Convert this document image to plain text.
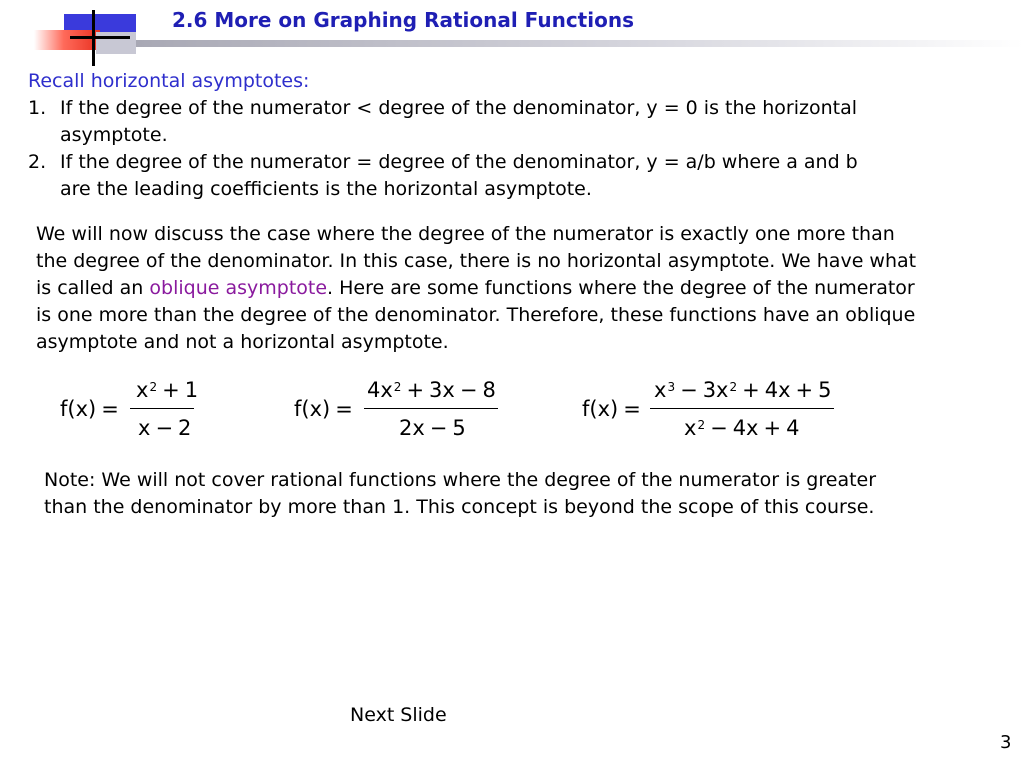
2.6 More on Graphing Rational Functions
Recall horizontal asymptotes:
1. If the degree of the numerator < degree of the denominator, y = 0 is the horizontal
asymptote.
2. If the degree of the numerator = degree of the denominator, y = a/b where a and b
are the leading coefficients is the horizontal asymptote.
We will now discuss the case where the degree of the numerator is exactly one more than
the degree of the denominator. In this case, there is no horizontal asymptote. We have what
is called an oblique asymptote. Here are some functions where the degree of the numerator
is one more than the degree of the denominator. Therefore, these functions have an oblique
asymptote and not a horizontal asymptote.
f(x) =
$x^2 + 1$
x − 2
f(x) =
$4x^2 + 3x - 8$
2x − 5
f(x) =
$x^3 - 3x^2 + 4x + 5$
$x^2 - 4x + 4$
Note: We will not cover rational functions where the degree of the numerator is greater
than the denominator by more than 1. This concept is beyond the scope of this course.
Next Slide
3
